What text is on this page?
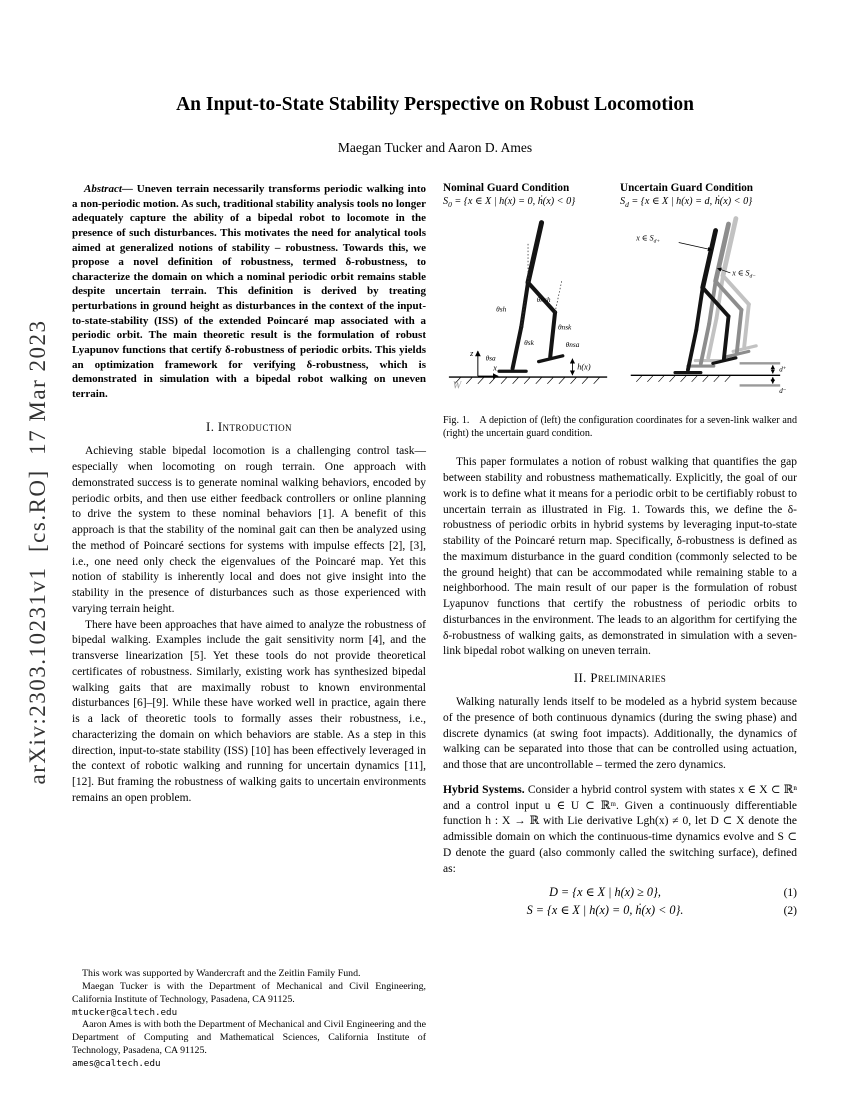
arXiv:2303.10231v1  [cs.RO]  17 Mar 2023
An Input-to-State Stability Perspective on Robust Locomotion
Maegan Tucker and Aaron D. Ames

Abstract— Uneven terrain necessarily transforms periodic walking into a non-periodic motion. As such, traditional stability analysis tools no longer adequately capture the ability of a bipedal robot to locomote in the presence of such disturbances. This motivates the need for analytical tools aimed at generalized notions of stability – robustness. Towards this, we propose a novel definition of robustness, termed δ-robustness, to characterize the domain on which a nominal periodic orbit remains stable despite uncertain terrain. This definition is derived by treating perturbations in ground height as disturbances in the context of the input-to-state-stability (ISS) of the extended Poincaré map associated with a periodic orbit. The main theoretic result is the formulation of robust Lyapunov functions that certify δ-robustness of periodic orbits. This yields an optimization framework for verifying δ-robustness, which is demonstrated in simulation with a bipedal robot walking on uneven terrain.

I. Introduction

Achieving stable bipedal locomotion is a challenging control task—especially when locomoting on rough terrain. One approach with demonstrated success is to generate nominal walking behaviors, encoded by periodic orbits, and then use either feedback controllers or online planning to drive the system to these nominal behaviors [1]. A benefit of this approach is that the stability of the nominal gait can then be analyzed using the method of Poincaré sections for systems with impulse effects [2], [3], i.e., one need only check the eigenvalues of the Poincaré map. Yet this notion of stability is inherently local and does not give insight into the stability in the presence of disturbances such as those experienced with varying terrain height.

There have been approaches that have aimed to analyze the robustness of bipedal walking. Examples include the gait sensitivity norm [4], and the transverse linearization [5]. Yet these tools do not provide theoretical certificates of robustness. Similarly, existing work has synthesized bipedal walking gaits that are maximally robust to known environmental disturbances [6]–[9]. While these have worked well in practice, again there is a lack of theoretic tools to formally asses their robustness, i.e., characterizing the domain on which behaviors are stable. As a step in this direction, input-to-state stability (ISS) [10] has been effectively leveraged in the context of robotic walking and running for uncertain dynamics [11], [12]. But framing the robustness of walking gaits to uncertain environments remains an open problem.

This work was supported by Wandercraft and the Zeitlin Family Fund.

Maegan Tucker is with the Department of Mechanical and Civil Engineering, California Institute of Technology, Pasadena, CA 91125.

mtucker@caltech.edu

Aaron Ames is with both the Department of Mechanical and Civil Engineering and the Department of Computing and Mathematical Sciences, California Institute of Technology, Pasadena, CA 91125.

ames@caltech.edu
Nominal Guard Condition
$S_0 = \{x$ ∈ X | h(x) = 0, ḣ(x) < 0}
Uncertain Guard Condition
$S_d = \{x$ ∈ X | h(x) = d, ḣ(x) < 0}
z
x
W
θsh
θnsh
θsk
θsa
θnsk
θnsa
h(x)	d⁺
d⁻
x ∈ $S_{d+}$
x ∈ $S_{d-}$

Fig. 1. A depiction of (left) the configuration coordinates for a seven-link walker and (right) the uncertain guard condition.

This paper formulates a notion of robust walking that quantifies the gap between stability and robustness mathematically. Explicitly, the goal of our work is to define what it means for a periodic orbit to be certifiably robust to uncertain terrain as illustrated in Fig. 1. Towards this, we define the δ-robustness of periodic orbits in hybrid systems by leveraging input-to-state stability of the Poincaré return map. Specifically, δ-robustness is defined as the maximum disturbance in the guard condition (commonly selected to be the ground height) that can be accommodated while remaining stable to a neighborhood. The main result of our paper is the formulation of robust Lyapunov functions that certify the robustness of periodic orbits to disturbances in the environment. The leads to an algorithm for certifying the δ-robustness of walking gaits, as demonstrated in simulation with a seven-link bipedal robot walking on uneven terrain.

II. Preliminaries

Walking naturally lends itself to be modeled as a hybrid system because of the presence of both continuous dynamics (during the swing phase) and discrete dynamics (at swing foot impacts). Additionally, the dynamics of walking can be separated into those that can be controlled using actuation, and those that are uncontrollable – termed the zero dynamics.

Hybrid Systems. Consider a hybrid control system with states x ∈ X ⊂ ℝⁿ and a control input u ∈ U ⊂ ℝᵐ. Given a continuously differentiable function h : X → ℝ with Lie derivative Lgh(x) ≠ 0, let D ⊂ X denote the admissible domain on which the continuous-time dynamics evolve and S ⊂ D denote the guard (also commonly called the switching surface), defined as:

D = {x ∈ X | h(x) ≥ 0},	(1)
S = {x ∈ X | h(x) = 0, ḣ(x) < 0}.	(2)
